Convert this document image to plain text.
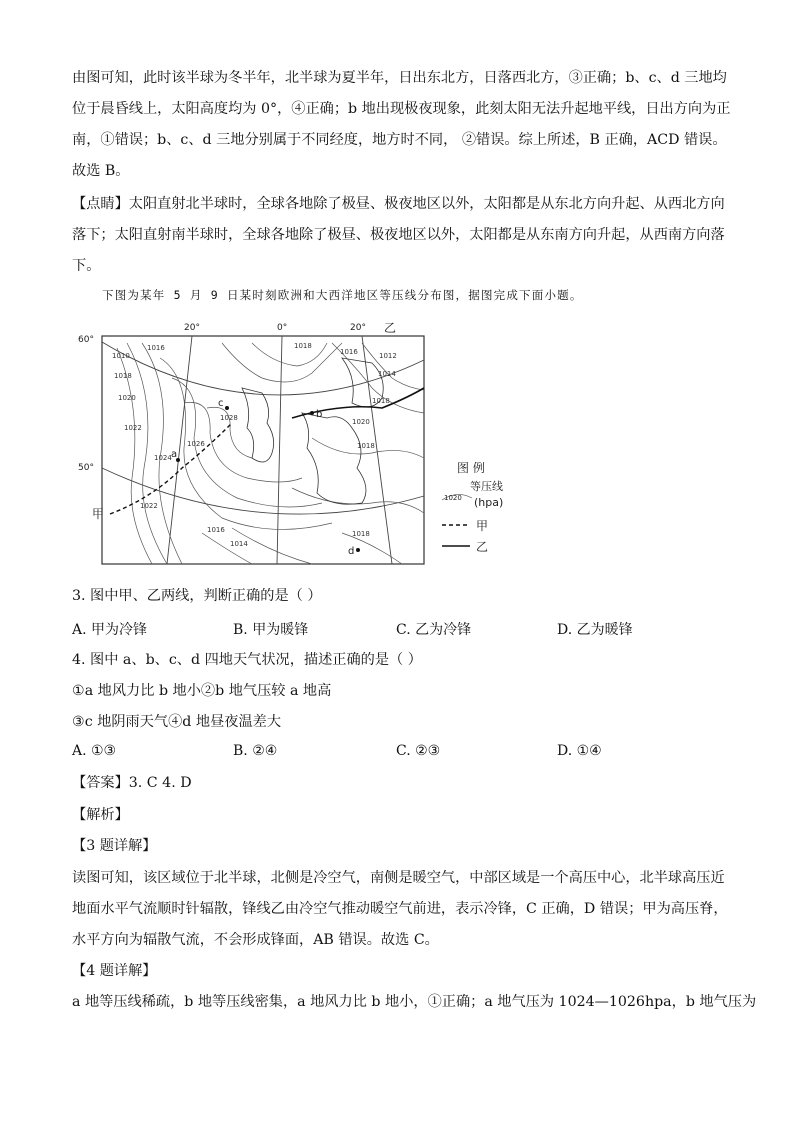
由图可知，此时该半球为冬半年，北半球为夏半年，日出东北方，日落西北方，③正确；b、c、d 三地均
位于晨昏线上，太阳高度均为 0°，④正确；b 地出现极夜现象，此刻太阳无法升起地平线，日出方向为正
南，①错误；b、c、d 三地分别属于不同经度，地方时不同， ②错误。综上所述，B 正确，ACD 错误。
故选 B。
【点睛】太阳直射北半球时，全球各地除了极昼、极夜地区以外，太阳都是从东北方向升起、从西北方向
落下；太阳直射南半球时，全球各地除了极昼、极夜地区以外，太阳都是从东南方向升起，从西南方向落
下。
下图为某年 5 月 9 日某时刻欧洲和大西洋地区等压线分布图，据图完成下面小题。
60°
50°
20°	0°	20° 乙
甲
1010
1016
1018
1020
1022
1024
1026
1028
1022
1016
1014
1018
1016	1012
1014
1018
1020
1018
1018
a
b
c
d
图 例
等压线
1020 (hpa)
甲
乙
3. 图中甲、乙两线，判断正确的是（ ）
A. 甲为冷锋	B. 甲为暖锋	C. 乙为冷锋	D. 乙为暖锋
4. 图中 a、b、c、d 四地天气状况，描述正确的是（ ）
①a 地风力比 b 地小②b 地气压较 a 地高
③c 地阴雨天气④d 地昼夜温差大
A. ①③	B. ②④	C. ②③	D. ①④
【答案】3. C 4. D
【解析】
【3 题详解】
读图可知，该区域位于北半球，北侧是冷空气，南侧是暖空气，中部区域是一个高压中心，北半球高压近
地面水平气流顺时针辐散，锋线乙由冷空气推动暖空气前进，表示冷锋，C 正确，D 错误；甲为高压脊，
水平方向为辐散气流，不会形成锋面，AB 错误。故选 C。
【4 题详解】
a 地等压线稀疏，b 地等压线密集，a 地风力比 b 地小，①正确；a 地气压为 1024—1026hpa，b 地气压为
